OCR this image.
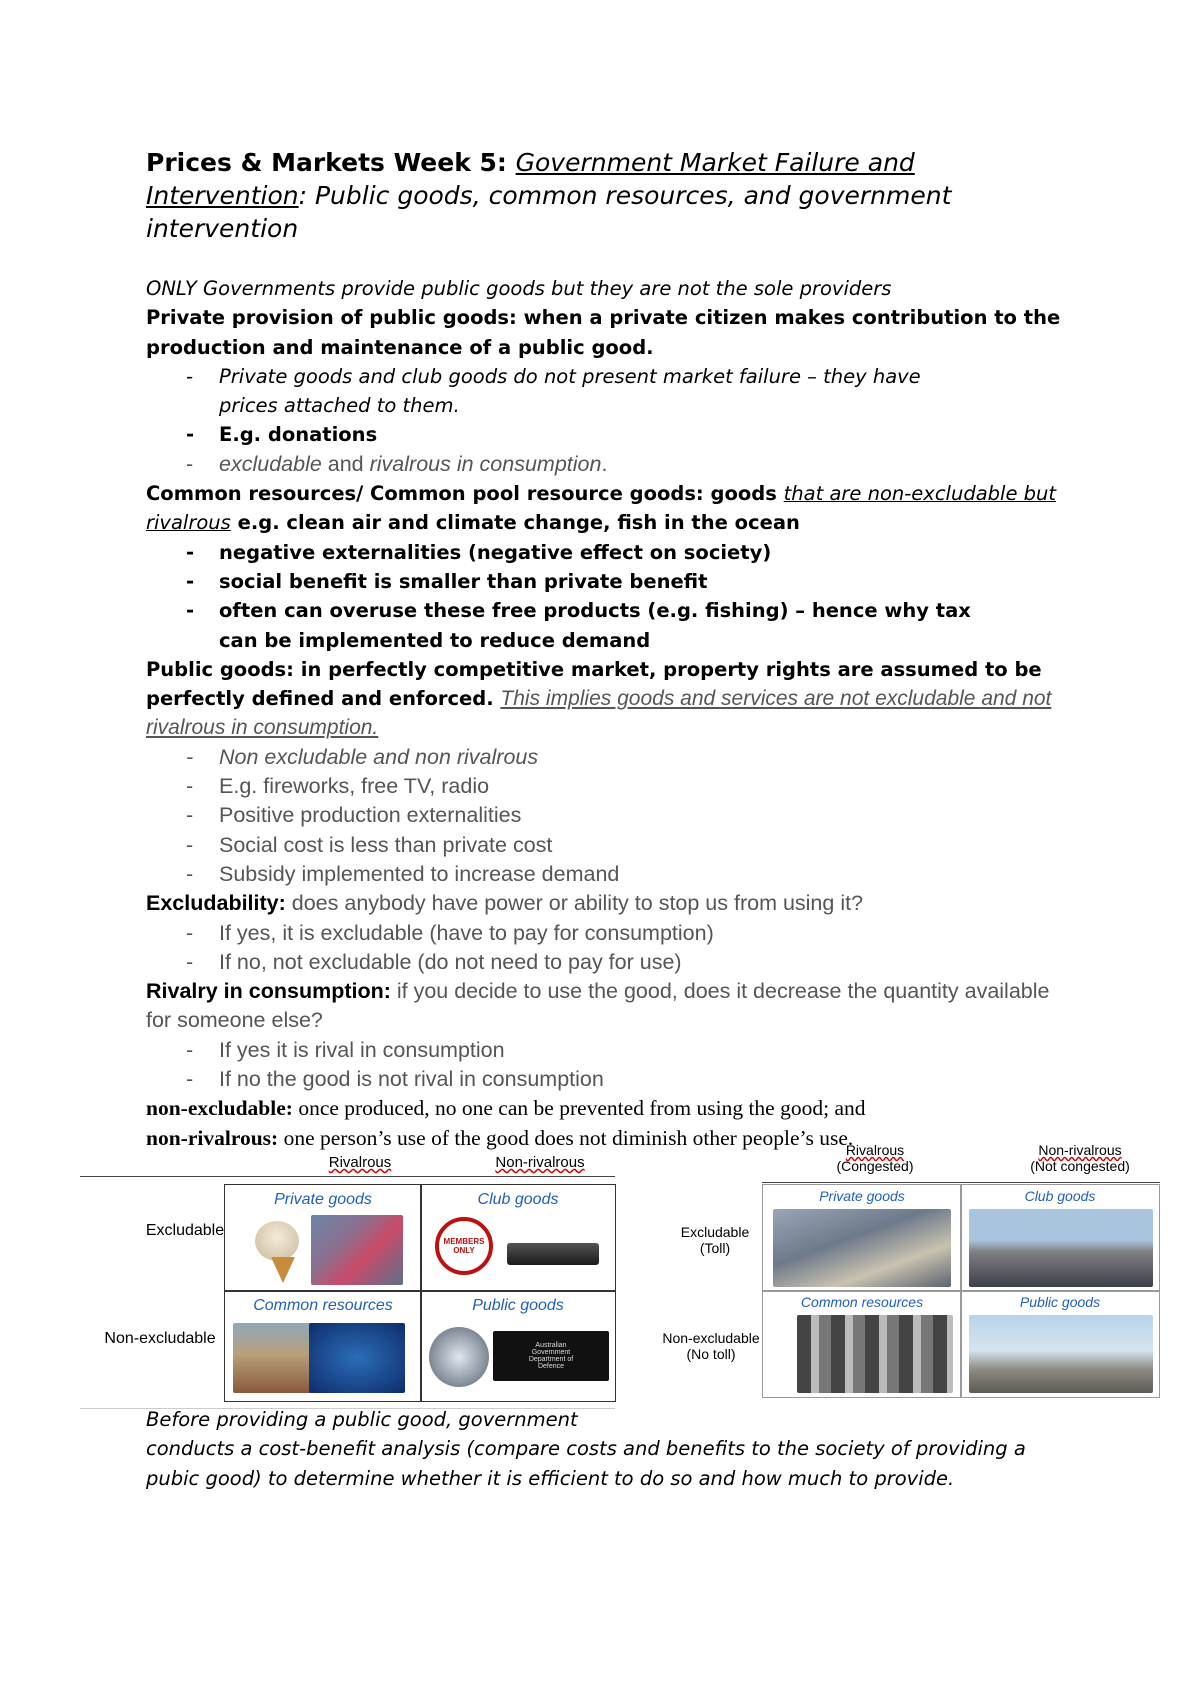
Prices & Markets Week 5: Government Market Failure and Intervention: Public goods, common resources, and government intervention
ONLY Governments provide public goods but they are not the sole providers
Private provision of public goods: when a private citizen makes contribution to the production and maintenance of a public good.
-	Private goods and club goods do not present market failure – they have prices attached to them.
-	E.g. donations
-	excludable and rivalrous in consumption.
Common resources/ Common pool resource goods: goods that are non-excludable but rivalrous e.g. clean air and climate change, fish in the ocean
-	negative externalities (negative effect on society)
-	social benefit is smaller than private benefit
-	often can overuse these free products (e.g. fishing) – hence why tax can be implemented to reduce demand
Public goods: in perfectly competitive market, property rights are assumed to be perfectly defined and enforced. This implies goods and services are not excludable and not rivalrous in consumption.
-	Non excludable and non rivalrous
-	E.g. fireworks, free TV, radio
-	Positive production externalities
-	Social cost is less than private cost
-	Subsidy implemented to increase demand
Excludability: does anybody have power or ability to stop us from using it?
-	If yes, it is excludable (have to pay for consumption)
-	If no, not excludable (do not need to pay for use)
Rivalry in consumption: if you decide to use the good, does it decrease the quantity available for someone else?
-	If yes it is rival in consumption
-	If no the good is not rival in consumption
non-excludable: once produced, no one can be prevented from using the good; and
non-rivalrous: one person’s use of the good does not diminish other people’s use.
Rivalrous	Non-rivalrous
Excludable
Non-excludable
Private goods	Club goods
MEMBERS ONLY
Common resources	Public goods
Australian Government Department of Defence
Rivalrous
(Congested)
Non-rivalrous
(Not congested)
Excludable
(Toll)
Non-excludable
(No toll)
Private goods	Club goods
Common resources	Public goods
Before providing a public good, government
conducts a cost-benefit analysis (compare costs and benefits to the society of providing a pubic good) to determine whether it is efficient to do so and how much to provide.
